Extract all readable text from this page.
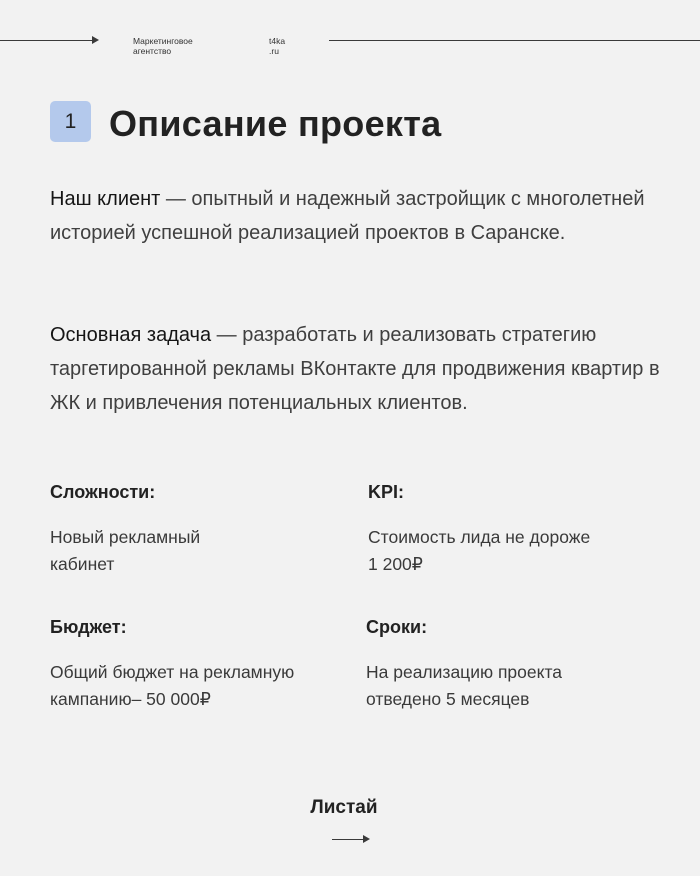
Маркетинговое
агентство
t4ka
.ru
1 Описание проекта
Наш клиент — опытный и надежный застройщик с многолетней историей успешной реализацией проектов в Саранске.
Основная задача — разработать и реализовать стратегию таргетированной рекламы ВКонтакте для продвижения квартир в ЖК и привлечения потенциальных клиентов.
Сложности:
Новый рекламный
кабинет
KPI:
Стоимость лида не дороже
1 200₽
Бюджет:
Общий бюджет на рекламную
кампанию– 50 000₽
Сроки:
На реализацию проекта
отведено 5 месяцев
Листай
